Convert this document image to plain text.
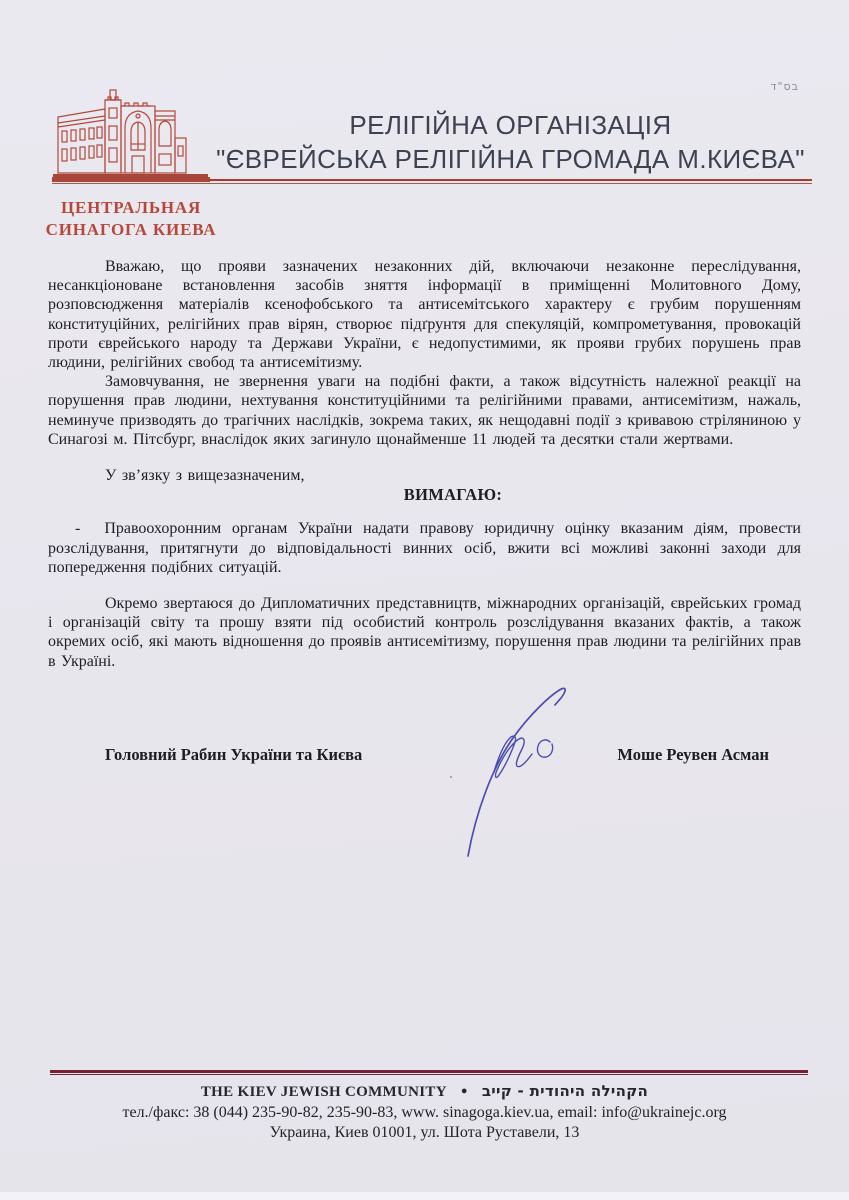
בס"ד
РЕЛІГІЙНА ОРГАНІЗАЦІЯ
"ЄВРЕЙСЬКА РЕЛІГІЙНА ГРОМАДА М.КИЄВА"
ЦЕНТРАЛЬНАЯ
СИНАГОГА КИЕВА

Вважаю, що прояви зазначених незаконних дій, включаючи незаконне переслідування, несанкціоноване встановлення засобів зняття інформації в приміщенні Молитовного Дому, розповсюдження матеріалів ксенофобського та антисемітського характеру є грубим порушенням конституційних, релігійних прав вірян, створює підґрунтя для спекуляцій, компрометування, провокацій проти єврейського народу та Держави України, є недопустимими, як прояви грубих порушень прав людини, релігійних свобод та антисемітизму.

Замовчування, не звернення уваги на подібні факти, а також відсутність належної реакції на порушення прав людини, нехтування конституційними та релігійними правами, антисемітизм, нажаль, неминуче призводять до трагічних наслідків, зокрема таких, як нещодавні події з кривавою стріляниною у Синагозі м. Пітсбург, внаслідок яких загинуло щонайменше 11 людей та десятки стали жертвами.

У зв’язку з вищезазначеним,

ВИМАГАЮ:

- Правоохоронним органам України надати правову юридичну оцінку вказаним діям, провести розслідування, притягнути до відповідальності винних осіб, вжити всі можливі законні заходи для попередження подібних ситуацій.

Окремо звертаюся до Дипломатичних представництв, міжнародних організацій, єврейських громад і організацій світу та прошу взяти під особистий контроль розслідування вказаних фактів, а також окремих осіб, які мають відношення до проявів антисемітизму, порушення прав людини та релігійних прав в Україні.

Головний Рабин України та Києва	Моше Реувен Асман
THE KIEV JEWISH COMMUNITY ● הקהילה היהודית - קייב
тел./факс: 38 (044) 235-90-82, 235-90-83, www. sinagoga.kiev.ua, email: info@ukrainejc.org
Украина, Киев 01001, ул. Шота Руставели, 13
